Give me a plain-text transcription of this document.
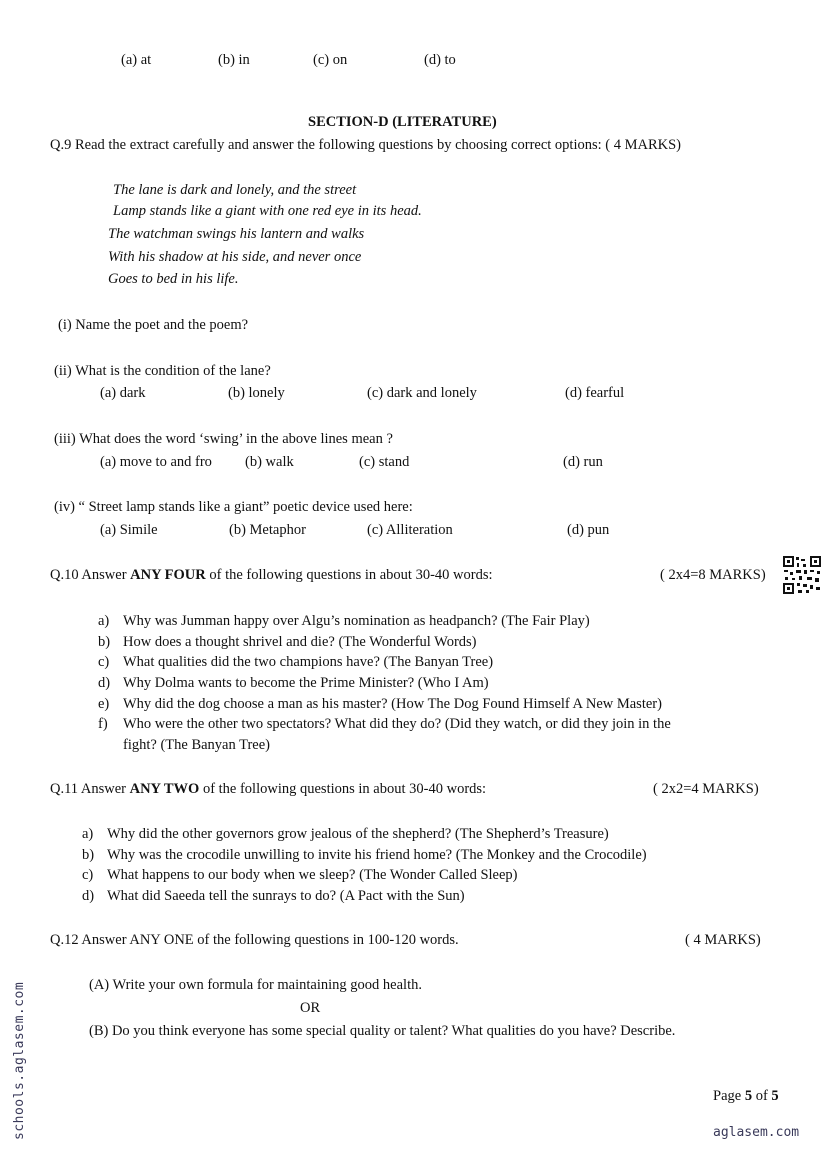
(a) at	(b) in	(c) on	(d) to
SECTION-D (LITERATURE)
Q.9 Read the extract carefully and answer the following questions by choosing correct options: ( 4 MARKS)
The lane is dark and lonely, and the street
Lamp stands like a giant with one red eye in its head.
The watchman swings his lantern and walks
With his shadow at his side, and never once
Goes to bed in his life.
(i) Name the poet and the poem?
(ii) What is the condition of the lane?
(a) dark	(b) lonely	(c) dark and lonely	(d) fearful
(iii) What does the word ‘swing’ in the above lines mean ?
(a) move to and fro (b) walk	(c) stand	(d) run
(iv) “ Street lamp stands like a giant” poetic device used here:
(a) Simile	(b) Metaphor	(c) Alliteration	(d) pun
Q.10 Answer ANY FOUR of the following questions in about 30-40 words:	( 2x4=8 MARKS)
a) Why was Jumman happy over Algu’s nomination as headpanch? (The Fair Play)
b) How does a thought shrivel and die? (The Wonderful Words)
c) What qualities did the two champions have? (The Banyan Tree)
d) Why Dolma wants to become the Prime Minister? (Who I Am)
e) Why did the dog choose a man as his master? (How The Dog Found Himself A New Master)
f) Who were the other two spectators? What did they do? (Did they watch, or did they join in the
fight? (The Banyan Tree)
Q.11 Answer ANY TWO of the following questions in about 30-40 words:	( 2x2=4 MARKS)
a) Why did the other governors grow jealous of the shepherd? (The Shepherd’s Treasure)
b) Why was the crocodile unwilling to invite his friend home? (The Monkey and the Crocodile)
c) What happens to our body when we sleep? (The Wonder Called Sleep)
d) What did Saeeda tell the sunrays to do? (A Pact with the Sun)
Q.12 Answer ANY ONE of the following questions in 100-120 words.	( 4 MARKS)
(A) Write your own formula for maintaining good health.
OR
(B) Do you think everyone has some special quality or talent? What qualities do you have? Describe.
Page 5 of 5
schools.aglasem.com	aglasem.com
